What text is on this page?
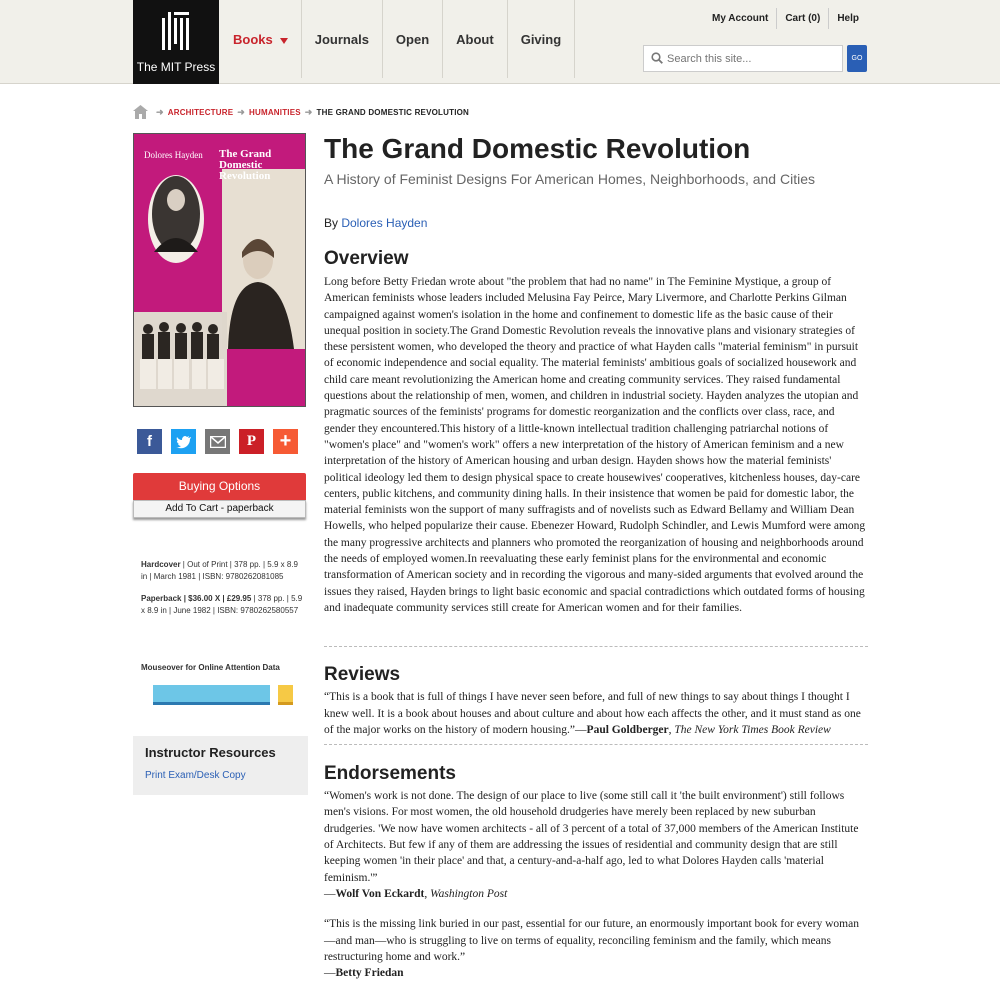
The MIT Press
Books	Journals	Open	About	Giving
My Account	Cart (0)	Help
Search this site...
GO
➜ ARCHITECTURE ➜ HUMANITIES ➜ THE GRAND DOMESTIC REVOLUTION
Dolores Hayden The Grand
Domestic
Revolution
f	P	+
Buying Options
Add To Cart - paperback

Hardcover | Out of Print | 378 pp. | 5.9 x 8.9 in | March 1981 | ISBN: 9780262081085

Paperback | $36.00 X | £29.95 | 378 pp. | 5.9 x 8.9 in | June 1982 | ISBN: 9780262580557

Mouseover for Online Attention Data
Instructor Resources
Print Exam/Desk Copy
The Grand Domestic Revolution
A History of Feminist Designs For American Homes, Neighborhoods, and Cities
By Dolores Hayden
Overview

Long before Betty Friedan wrote about "the problem that had no name" in The Feminine Mystique, a group of American feminists whose leaders included Melusina Fay Peirce, Mary Livermore, and Charlotte Perkins Gilman campaigned against women's isolation in the home and confinement to domestic life as the basic cause of their unequal position in society.The Grand Domestic Revolution reveals the innovative plans and visionary strategies of these persistent women, who developed the theory and practice of what Hayden calls "material feminism" in pursuit of economic independence and social equality. The material feminists' ambitious goals of socialized housework and child care meant revolutionizing the American home and creating community services. They raised fundamental questions about the relationship of men, women, and children in industrial society. Hayden analyzes the utopian and pragmatic sources of the feminists' programs for domestic reorganization and the conflicts over class, race, and gender they encountered.This history of a little-known intellectual tradition challenging patriarchal notions of "women's place" and "women's work" offers a new interpretation of the history of American feminism and a new interpretation of the history of American housing and urban design. Hayden shows how the material feminists' political ideology led them to design physical space to create housewives' cooperatives, kitchenless houses, day-care centers, public kitchens, and community dining halls. In their insistence that women be paid for domestic labor, the material feminists won the support of many suffragists and of novelists such as Edward Bellamy and William Dean Howells, who helped popularize their cause. Ebenezer Howard, Rudolph Schindler, and Lewis Mumford were among the many progressive architects and planners who promoted the reorganization of housing and neighborhoods around the needs of employed women.In reevaluating these early feminist plans for the environmental and economic transformation of American society and in recording the vigorous and many-sided arguments that evolved around the issues they raised, Hayden brings to light basic economic and spacial contradictions which outdated forms of housing and inadequate community services still create for American women and for their families.

Reviews

“This is a book that is full of things I have never seen before, and full of new things to say about things I thought I knew well. It is a book about houses and about culture and about how each affects the other, and it must stand as one of the major works on the history of modern housing.”—Paul Goldberger, The New York Times Book Review

Endorsements

“Women's work is not done. The design of our place to live (some still call it 'the built environment') still follows men's visions. For most women, the old household drudgeries have merely been replaced by new suburban drudgeries. 'We now have women architects - all of 3 percent of a total of 37,000 members of the American Institute of Architects. But few if any of them are addressing the issues of residential and community design that are still keeping women 'in their place' and that, a century-and-a-half ago, led to what Dolores Hayden calls 'material feminism.'”

—Wolf Von Eckardt, Washington Post

“This is the missing link buried in our past, essential for our future, an enormously important book for every woman—and man—who is struggling to live on terms of equality, reconciling feminism and the family, which means restructuring home and work.”

—Betty Friedan
